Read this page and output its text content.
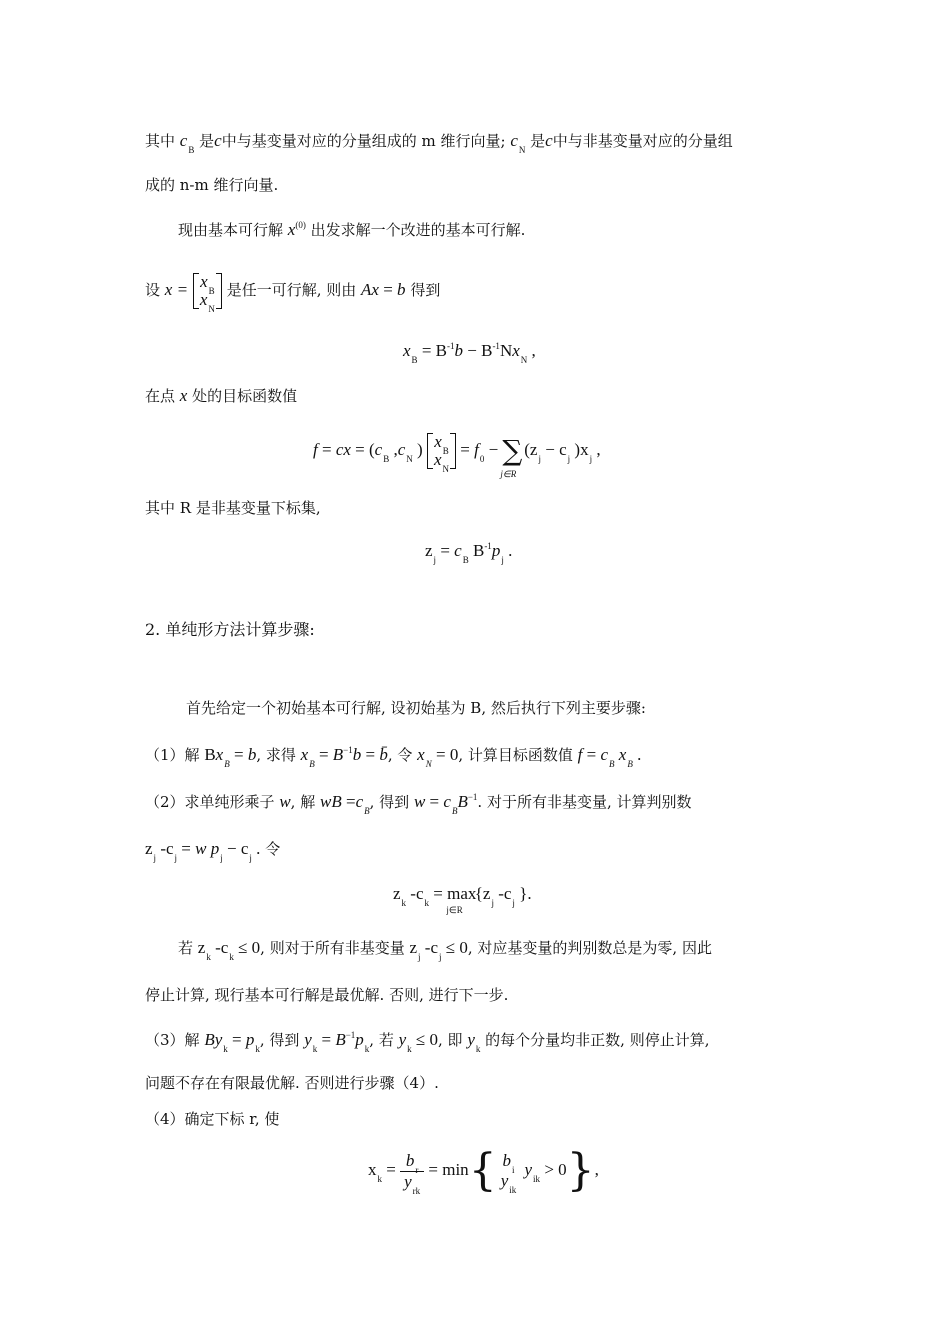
其中 $c_B$ 是c中与基变量对应的分量组成的 m 维行向量; $c_N$ 是c中与非基变量对应的分量组
成的 n-m 维行向量.
现由基本可行解 $x^{(0)}$ 出发求解一个改进的基本可行解.
设 $x = x_B$
$x_N$ 是任一可行解, 则由 Ax = b 得到
$x_B = B^{-1}b - B^{-1}Nx_N$ ,
在点 x 处的目标函数值
f = cx = ($c_B$ $,c_N$ ) $x_B$
$x_N = f_0 - \sum_{j\in R}(z_j - c_j$ )$x_j$ ,
其中 R 是非基变量下标集,
$z_j = c_B$ $B^{-1}p_j$ .
2. 单纯形方法计算步骤:
首先给定一个初始基本可行解, 设初始基为 B, 然后执行下列主要步骤:
（1）解 $Bx_B = b$, 求得 $x_B = B^{-1}b$ = b̄, 令 $x_N = 0$, 计算目标函数值 $f = c_B$ $x_B$ .
（2）求单纯形乘子 w, 解 wB $=c_B$, 得到 $w = c_BB^{-1}$. 对于所有非基变量, 计算判别数
$z_j$ $-c_j = w$ $p_j - c_j$ . 令
$z_k$ $-c_k = \max_{j\in R}\{z_j$ $-c_j$ }.
若 $z_k$ $-c_k \le 0$, 则对于所有非基变量 $z_j$ $-c_j \le 0$, 对应基变量的判别数总是为零, 因此
停止计算, 现行基本可行解是最优解. 否则, 进行下一步.
（3）解 $By_k = p_k$, 得到 $y_k = B^{-1}p_k$, 若 $y_k \le 0$, 即 $y_k$ 的每个分量均非正数, 则停止计算,
问题不存在有限最优解. 否则进行步骤（4）.
（4）确定下标 r, 使
$x_k = \frac{b_r}{y_{rk}} = \min${ $b_i$
$y_{ik}$
$y_{ik} > 0$},
